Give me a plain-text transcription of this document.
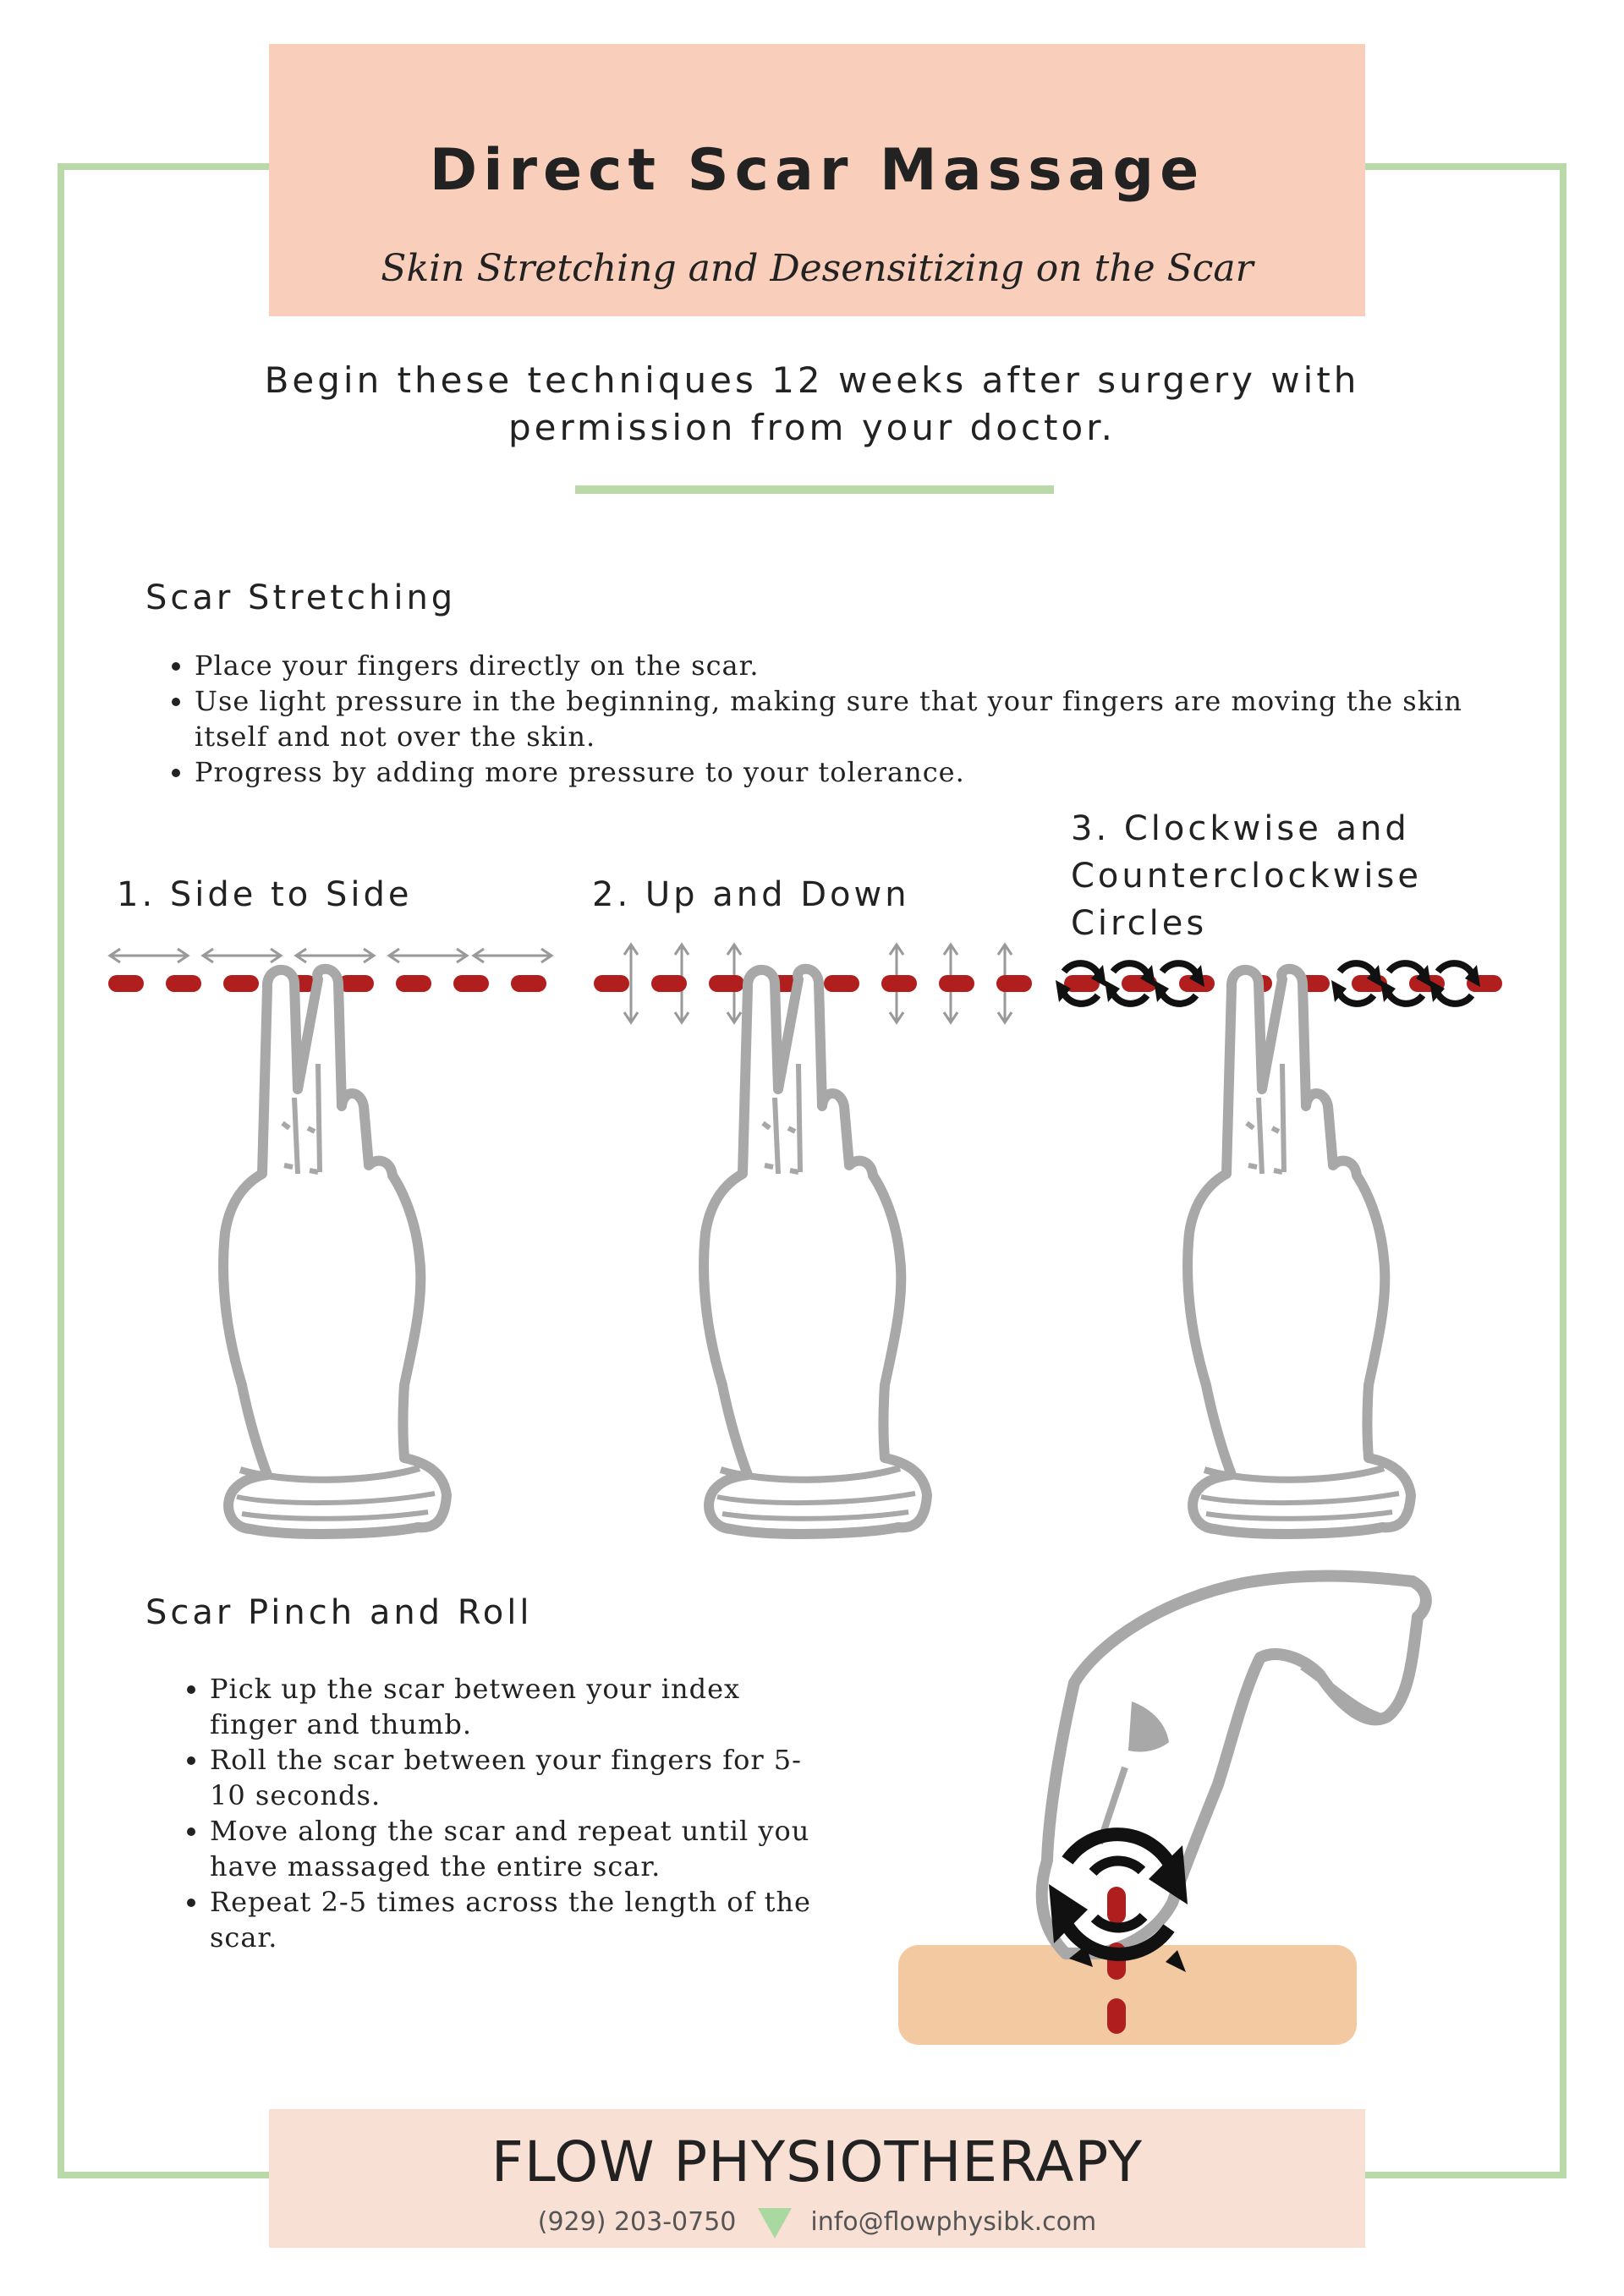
Direct Scar Massage
Skin Stretching and Desensitizing on the Scar
Begin these techniques 12 weeks after surgery with permission from your doctor.
Scar Stretching
• Place your fingers directly on the scar.
• Use light pressure in the beginning, making sure that your fingers are moving the skin itself and not over the skin.
• Progress by adding more pressure to your tolerance.
1. Side to Side	2. Up and Down
3. Clockwise and Counterclockwise Circles
Scar Pinch and Roll
• Pick up the scar between your index finger and thumb.
• Roll the scar between your fingers for 5-10 seconds.
• Move along the scar and repeat until you have massaged the entire scar.
• Repeat 2-5 times across the length of the scar.
FLOW PHYSIOTHERAPY
(929) 203-0750	info@flowphysibk.com
